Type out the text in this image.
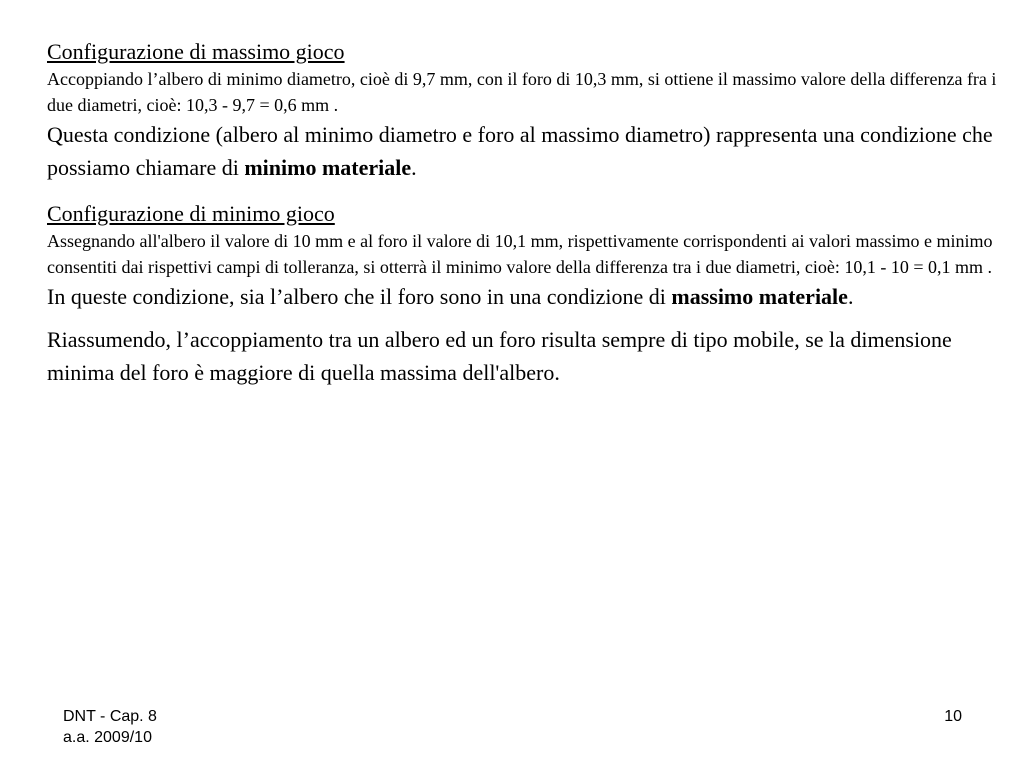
Configurazione di massimo gioco

Accoppiando l’albero di minimo diametro, cioè di 9,7 mm, con il foro di 10,3 mm, si ottiene il massimo valore della differenza fra i due diametri, cioè: 10,3 - 9,7 = 0,6 mm .

Questa condizione (albero al minimo diametro e foro al massimo diametro) rappresenta una condizione che possiamo chiamare di minimo materiale.

Configurazione di minimo gioco

Assegnando all'albero il valore di 10 mm e al foro il valore di 10,1 mm, rispettivamente corrispondenti ai valori massimo e minimo consentiti dai rispettivi campi di tolleranza, si otterrà il minimo valore della differenza tra i due diametri, cioè: 10,1 - 10 = 0,1 mm .

In queste condizione, sia l’albero che il foro sono in una condizione di massimo materiale.

Riassumendo, l’accoppiamento tra un albero ed un foro risulta sempre di tipo mobile, se la dimensione minima del foro è maggiore di quella massima dell'albero.

DNT - Cap. 8
a.a. 2009/10
10
